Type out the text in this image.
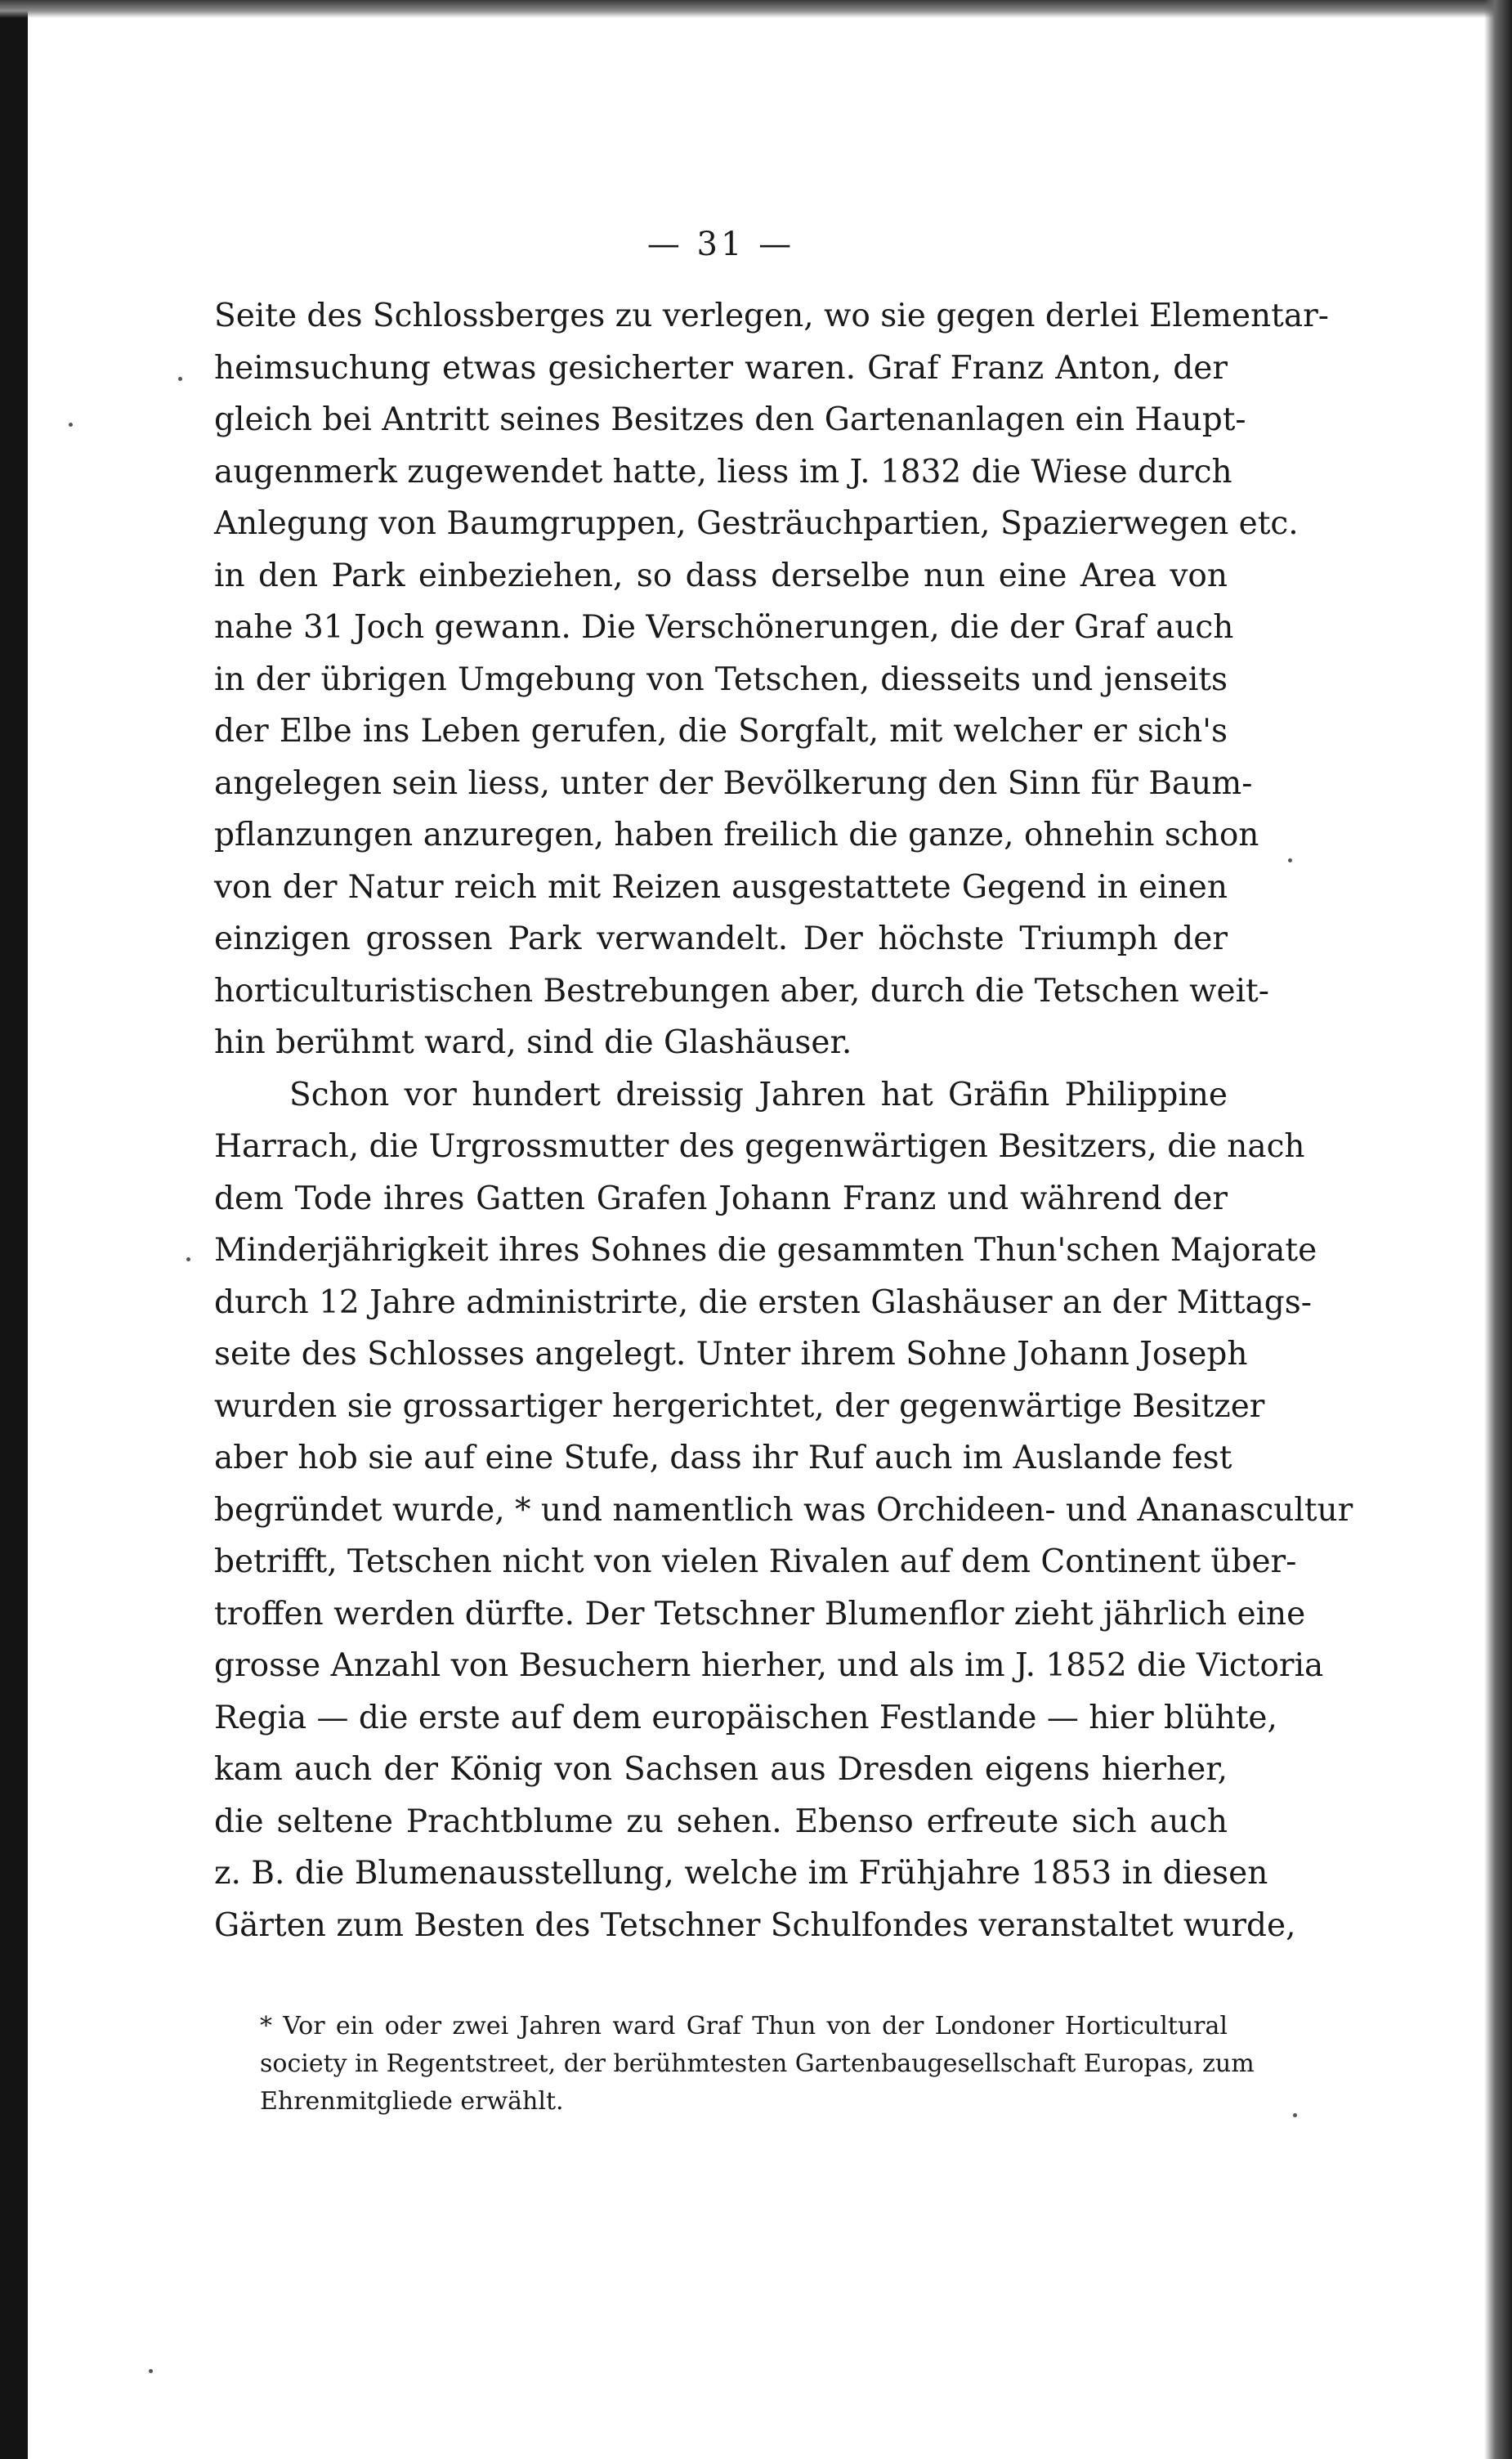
— 31 —
Seite des Schlossberges zu verlegen, wo sie gegen derlei Elementar-
heimsuchung etwas gesicherter waren. Graf Franz Anton, der
gleich bei Antritt seines Besitzes den Gartenanlagen ein Haupt-
augenmerk zugewendet hatte, liess im J. 1832 die Wiese durch
Anlegung von Baumgruppen, Gesträuchpartien, Spazierwegen etc.
in den Park einbeziehen, so dass derselbe nun eine Area von
nahe 31 Joch gewann. Die Verschönerungen, die der Graf auch
in der übrigen Umgebung von Tetschen, diesseits und jenseits
der Elbe ins Leben gerufen, die Sorgfalt, mit welcher er sich's
angelegen sein liess, unter der Bevölkerung den Sinn für Baum-
pflanzungen anzuregen, haben freilich die ganze, ohnehin schon
von der Natur reich mit Reizen ausgestattete Gegend in einen
einzigen grossen Park verwandelt. Der höchste Triumph der
horticulturistischen Bestrebungen aber, durch die Tetschen weit-
hin berühmt ward, sind die Glashäuser.
Schon vor hundert dreissig Jahren hat Gräfin Philippine
Harrach, die Urgrossmutter des gegenwärtigen Besitzers, die nach
dem Tode ihres Gatten Grafen Johann Franz und während der
Minderjährigkeit ihres Sohnes die gesammten Thun'schen Majorate
durch 12 Jahre administrirte, die ersten Glashäuser an der Mittags-
seite des Schlosses angelegt. Unter ihrem Sohne Johann Joseph
wurden sie grossartiger hergerichtet, der gegenwärtige Besitzer
aber hob sie auf eine Stufe, dass ihr Ruf auch im Auslande fest
begründet wurde, * und namentlich was Orchideen- und Ananascultur
betrifft, Tetschen nicht von vielen Rivalen auf dem Continent über-
troffen werden dürfte. Der Tetschner Blumenflor zieht jährlich eine
grosse Anzahl von Besuchern hierher, und als im J. 1852 die Victoria
Regia — die erste auf dem europäischen Festlande — hier blühte,
kam auch der König von Sachsen aus Dresden eigens hierher,
die seltene Prachtblume zu sehen. Ebenso erfreute sich auch
z. B. die Blumenausstellung, welche im Frühjahre 1853 in diesen
Gärten zum Besten des Tetschner Schulfondes veranstaltet wurde,
* Vor ein oder zwei Jahren ward Graf Thun von der Londoner Horticultural
society in Regentstreet, der berühmtesten Gartenbaugesellschaft Europas, zum
Ehrenmitgliede erwählt.
